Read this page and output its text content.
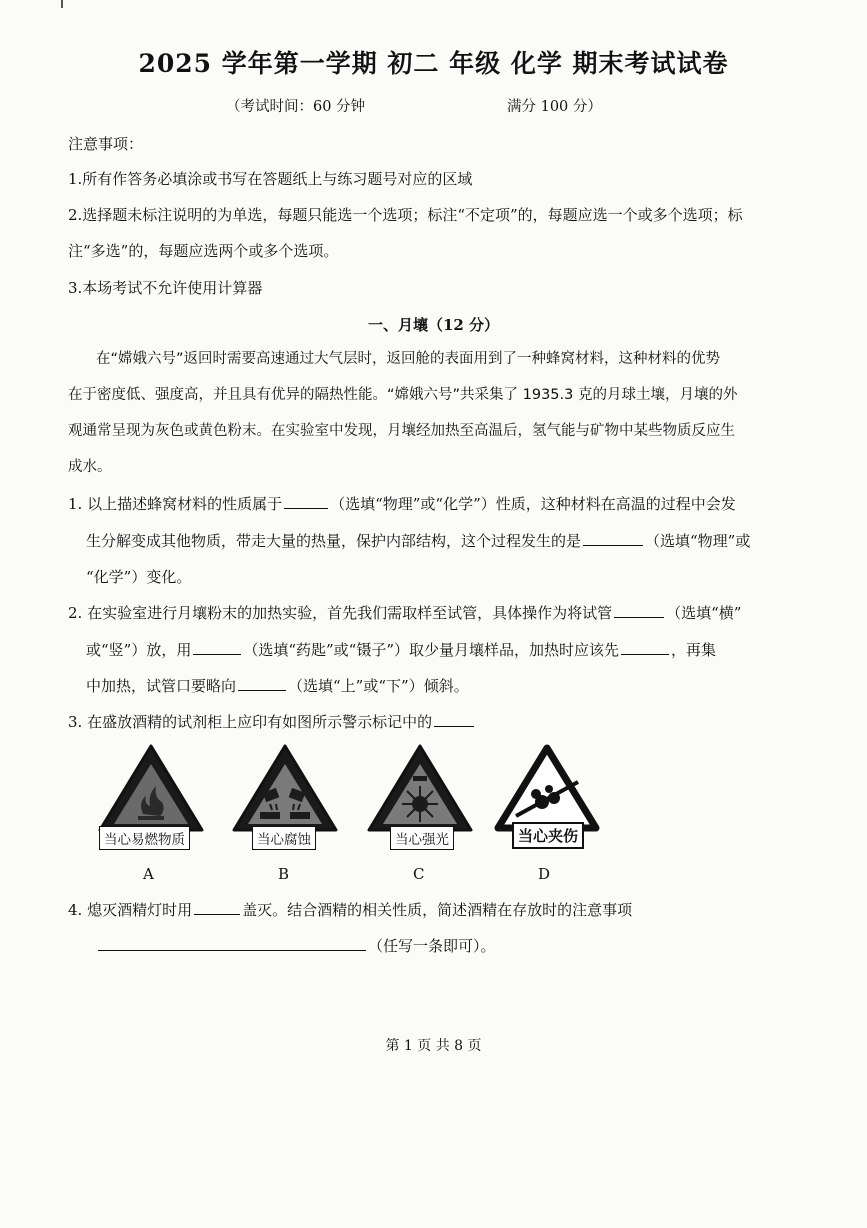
2025 学年第一学期 初二 年级 化学 期末考试试卷
（考试时间：60 分钟	满分 100 分）
注意事项：
1.所有作答务必填涂或书写在答题纸上与练习题号对应的区域
2.选择题未标注说明的为单选，每题只能选一个选项；标注“不定项”的，每题应选一个或多个选项；标
注“多选”的，每题应选两个或多个选项。
3.本场考试不允许使用计算器
一、月壤（12 分）
在“嫦娥六号”返回时需要高速通过大气层时，返回舱的表面用到了一种蜂窝材料，这种材料的优势
在于密度低、强度高，并且具有优异的隔热性能。“嫦娥六号”共采集了 1935.3 克的月球土壤，月壤的外
观通常呈现为灰色或黄色粉末。在实验室中发现，月壤经加热至高温后，氢气能与矿物中某些物质反应生
成水。
1. 以上描述蜂窝材料的性质属于	（选填“物理”或“化学”）性质，这种材料在高温的过程中会发
生分解变成其他物质，带走大量的热量，保护内部结构，这个过程发生的是	（选填“物理”或
“化学”）变化。
2. 在实验室进行月壤粉末的加热实验，首先我们需取样至试管，具体操作为将试管	（选填“横”
或“竖”）放，用	（选填“药匙”或“镊子”）取少量月壤样品，加热时应该先	，再集
中加热，试管口要略向	（选填“上”或“下”）倾斜。
3. 在盛放酒精的试剂柜上应印有如图所示警示标记中的
当心易燃物质
A
当心腐蚀
B
当心强光
C
当心夹伤
D
4. 熄灭酒精灯时用	盖灭。结合酒精的相关性质，简述酒精在存放时的注意事项
（任写一条即可）。
第 1 页 共 8 页
